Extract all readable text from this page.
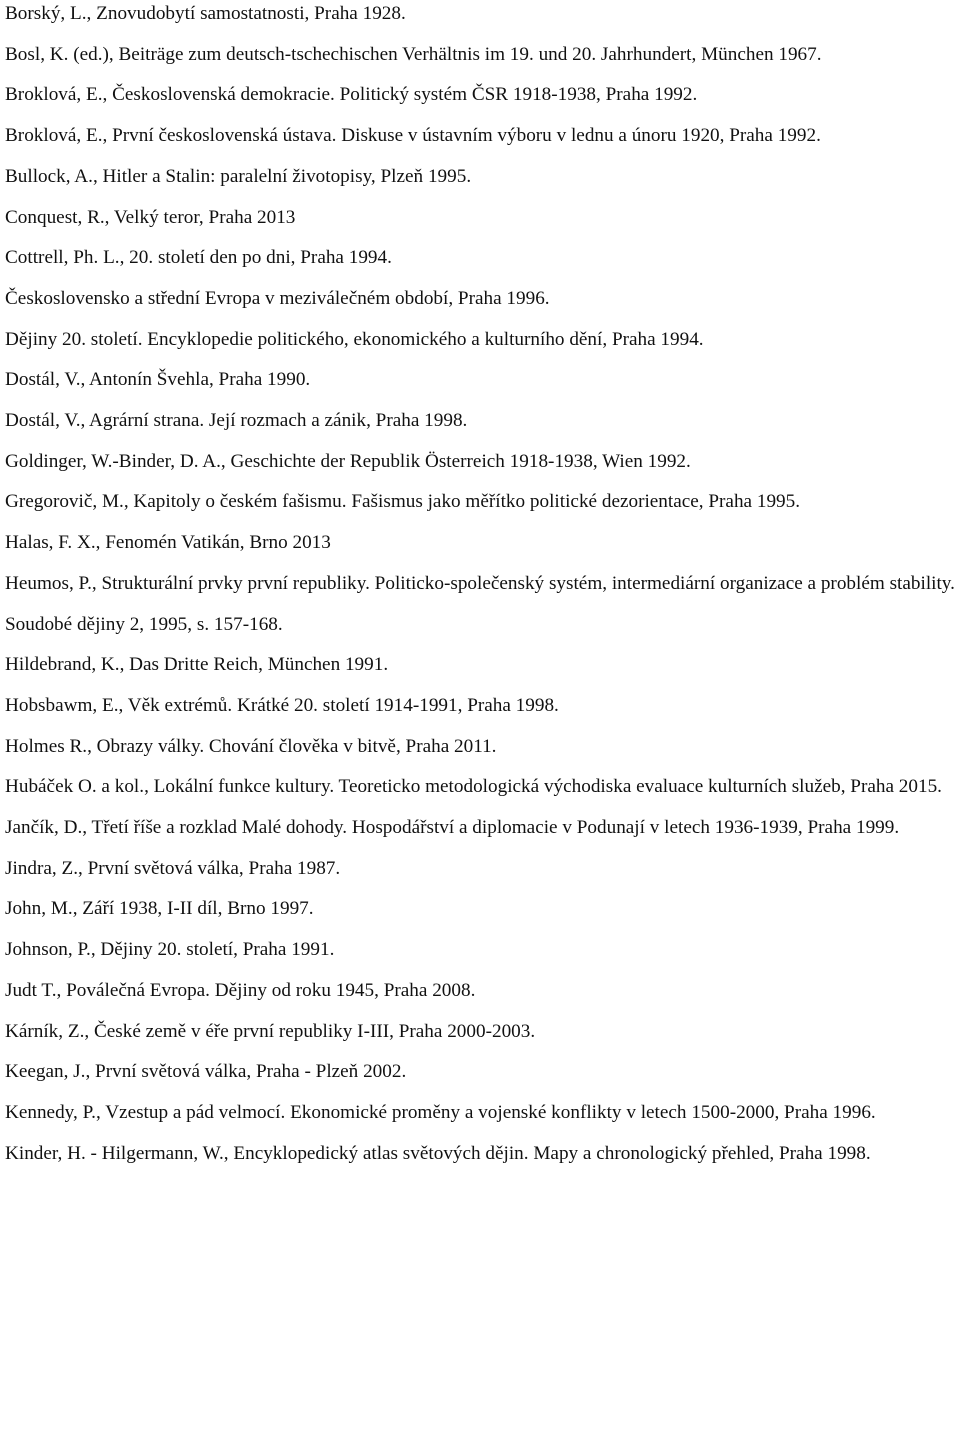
Borský, L., Znovudobytí samostatnosti, Praha 1928.

Bosl, K. (ed.), Beiträge zum deutsch-tschechischen Verhältnis im 19. und 20. Jahrhundert, München 1967.

Broklová, E., Československá demokracie. Politický systém ČSR 1918-1938, Praha 1992.

Broklová, E., První československá ústava. Diskuse v ústavním výboru v lednu a únoru 1920, Praha 1992.

Bullock, A., Hitler a Stalin: paralelní životopisy, Plzeň 1995.

Conquest, R., Velký teror, Praha 2013

Cottrell, Ph. L., 20. století den po dni, Praha 1994.

Československo a střední Evropa v meziválečném období, Praha 1996.

Dějiny 20. století. Encyklopedie politického, ekonomického a kulturního dění, Praha 1994.

Dostál, V., Antonín Švehla, Praha 1990.

Dostál, V., Agrární strana. Její rozmach a zánik, Praha 1998.

Goldinger, W.-Binder, D. A., Geschichte der Republik Österreich 1918-1938, Wien 1992.

Gregorovič, M., Kapitoly o českém fašismu. Fašismus jako měřítko politické dezorientace, Praha 1995.

Halas, F. X., Fenomén Vatikán, Brno 2013

Heumos, P., Strukturální prvky první republiky. Politicko-společenský systém, intermediární organizace a problém stability. Soudobé dějiny 2, 1995, s. 157-168.

Hildebrand, K., Das Dritte Reich, München 1991.

Hobsbawm, E., Věk extrémů. Krátké 20. století 1914-1991, Praha 1998.

Holmes R., Obrazy války. Chování člověka v bitvě, Praha 2011.

Hubáček O. a kol., Lokální funkce kultury. Teoreticko metodologická východiska evaluace kulturních služeb, Praha 2015.

Jančík, D., Třetí říše a rozklad Malé dohody. Hospodářství a diplomacie v Podunají v letech 1936-1939, Praha 1999.

Jindra, Z., První světová válka, Praha 1987.

John, M., Září 1938, I-II díl, Brno 1997.

Johnson, P., Dějiny 20. století, Praha 1991.

Judt T., Poválečná Evropa. Dějiny od roku 1945, Praha 2008.

Kárník, Z., České země v éře první republiky I-III, Praha 2000-2003.

Keegan, J., První světová válka, Praha - Plzeň 2002.

Kennedy, P., Vzestup a pád velmocí. Ekonomické proměny a vojenské konflikty v letech 1500-2000, Praha 1996.

Kinder, H. - Hilgermann, W., Encyklopedický atlas světových dějin. Mapy a chronologický přehled, Praha 1998.
